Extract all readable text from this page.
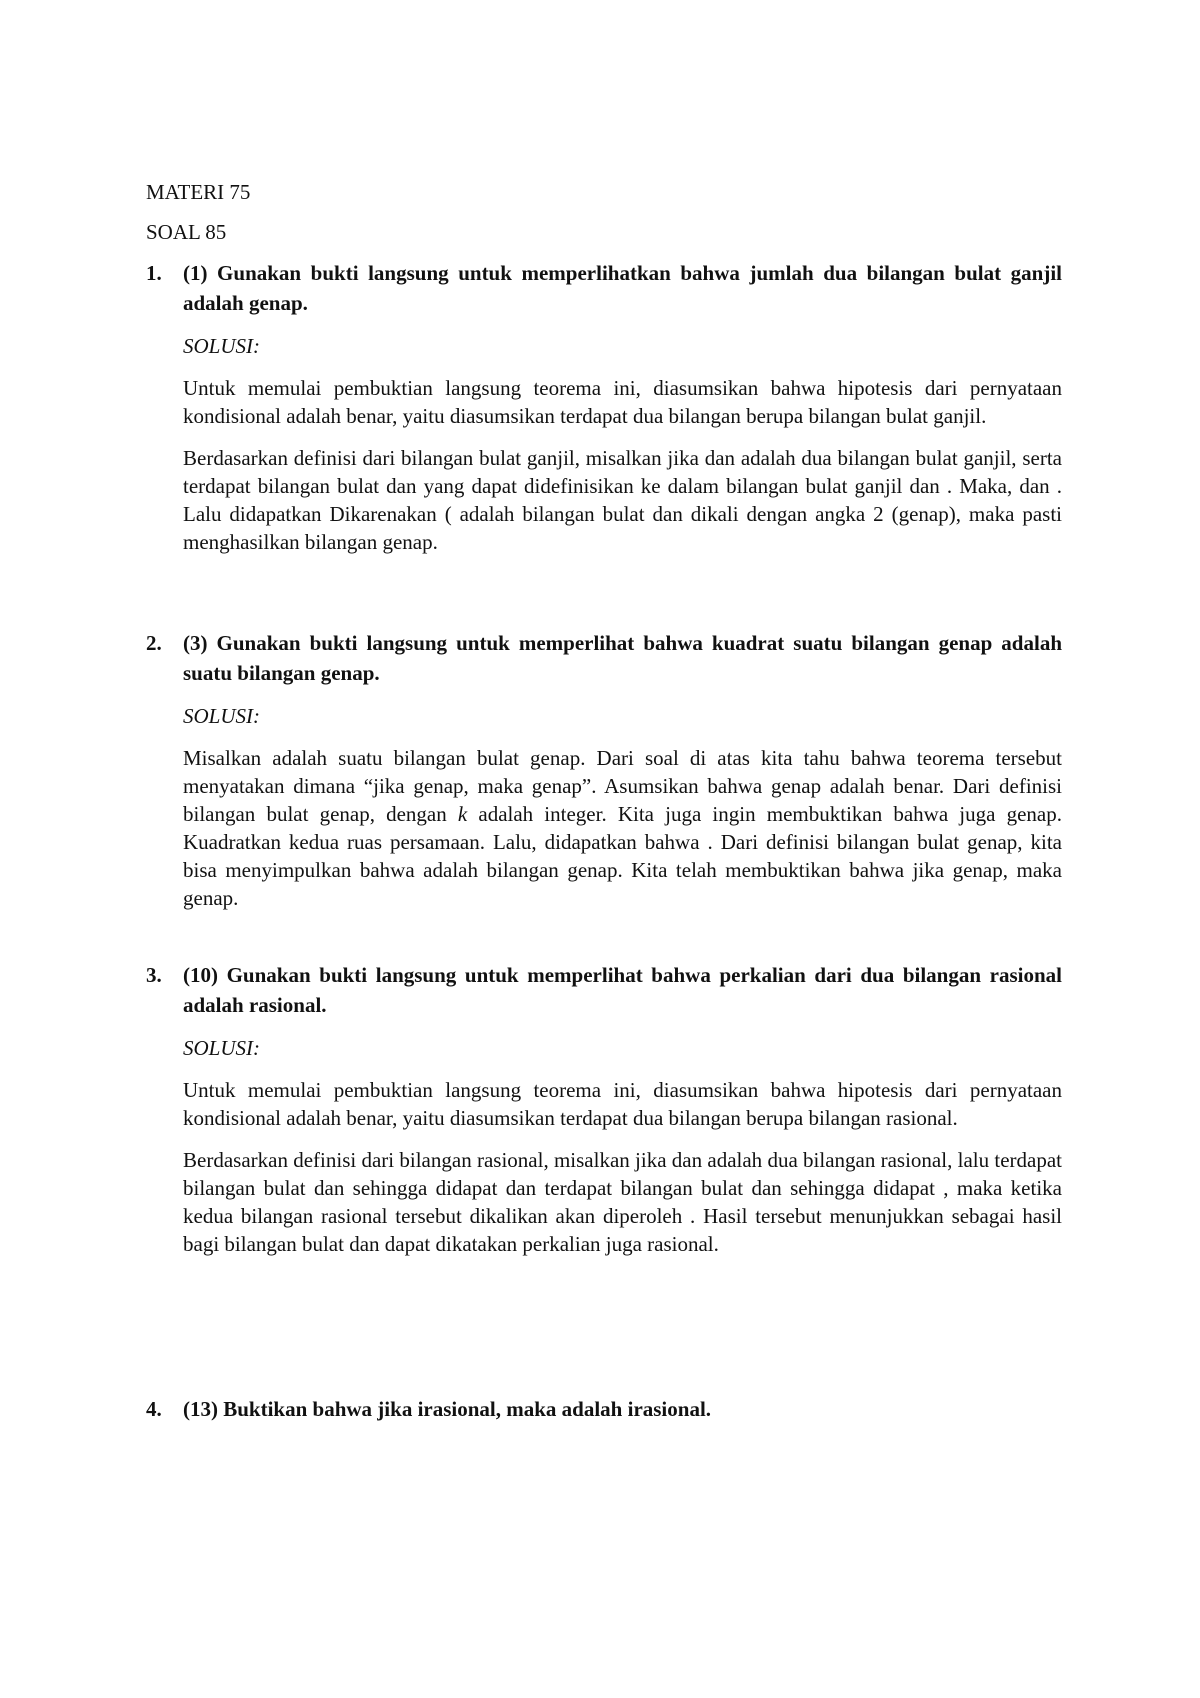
MATERI 75
SOAL 85
1. (1) Gunakan bukti langsung untuk memperlihatkan bahwa jumlah dua bilangan bulat ganjil adalah genap.
SOLUSI:
Untuk memulai pembuktian langsung teorema ini, diasumsikan bahwa hipotesis dari pernyataan kondisional adalah benar, yaitu diasumsikan terdapat dua bilangan berupa bilangan bulat ganjil.
Berdasarkan definisi dari bilangan bulat ganjil, misalkan jika dan adalah dua bilangan bulat ganjil, serta terdapat bilangan bulat dan yang dapat didefinisikan ke dalam bilangan bulat ganjil dan . Maka, dan . Lalu didapatkan Dikarenakan ( adalah bilangan bulat dan dikali dengan angka 2 (genap), maka pasti menghasilkan bilangan genap.
2. (3) Gunakan bukti langsung untuk memperlihat bahwa kuadrat suatu bilangan genap adalah suatu bilangan genap.
SOLUSI:
Misalkan adalah suatu bilangan bulat genap. Dari soal di atas kita tahu bahwa teorema tersebut menyatakan dimana “jika genap, maka genap”. Asumsikan bahwa genap adalah benar. Dari definisi bilangan bulat genap, dengan k adalah integer. Kita juga ingin membuktikan bahwa juga genap. Kuadratkan kedua ruas persamaan. Lalu, didapatkan bahwa . Dari definisi bilangan bulat genap, kita bisa menyimpulkan bahwa adalah bilangan genap. Kita telah membuktikan bahwa jika genap, maka genap.
3. (10) Gunakan bukti langsung untuk memperlihat bahwa perkalian dari dua bilangan rasional adalah rasional.
SOLUSI:
Untuk memulai pembuktian langsung teorema ini, diasumsikan bahwa hipotesis dari pernyataan kondisional adalah benar, yaitu diasumsikan terdapat dua bilangan berupa bilangan rasional.
Berdasarkan definisi dari bilangan rasional, misalkan jika dan adalah dua bilangan rasional, lalu terdapat bilangan bulat dan sehingga didapat dan terdapat bilangan bulat dan sehingga didapat , maka ketika kedua bilangan rasional tersebut dikalikan akan diperoleh . Hasil tersebut menunjukkan sebagai hasil bagi bilangan bulat dan dapat dikatakan perkalian juga rasional.
4. (13) Buktikan bahwa jika irasional, maka adalah irasional.
